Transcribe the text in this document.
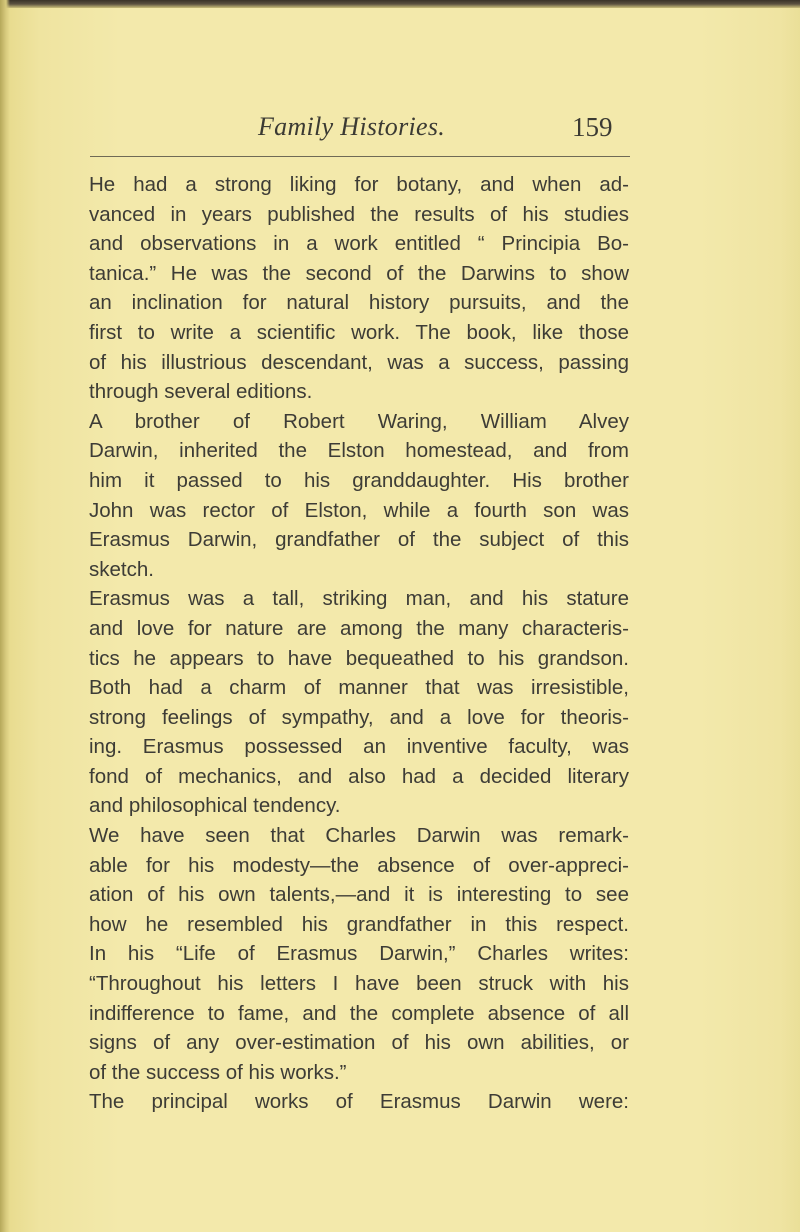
Family Histories.	159
He had a strong liking for botany, and when ad-
vanced in years published the results of his studies
and observations in a work entitled “ Principia Bo-
tanica.” He was the second of the Darwins to show
an inclination for natural history pursuits, and the
first to write a scientific work. The book, like those
of his illustrious descendant, was a success, passing
through several editions.
A brother of Robert Waring, William Alvey
Darwin, inherited the Elston homestead, and from
him it passed to his granddaughter. His brother
John was rector of Elston, while a fourth son was
Erasmus Darwin, grandfather of the subject of this
sketch.
Erasmus was a tall, striking man, and his stature
and love for nature are among the many characteris-
tics he appears to have bequeathed to his grandson.
Both had a charm of manner that was irresistible,
strong feelings of sympathy, and a love for theoris-
ing. Erasmus possessed an inventive faculty, was
fond of mechanics, and also had a decided literary
and philosophical tendency.
We have seen that Charles Darwin was remark-
able for his modesty—the absence of over-appreci-
ation of his own talents,—and it is interesting to see
how he resembled his grandfather in this respect.
In his “Life of Erasmus Darwin,” Charles writes:
“Throughout his letters I have been struck with his
indifference to fame, and the complete absence of all
signs of any over-estimation of his own abilities, or
of the success of his works.”
The principal works of Erasmus Darwin were:
